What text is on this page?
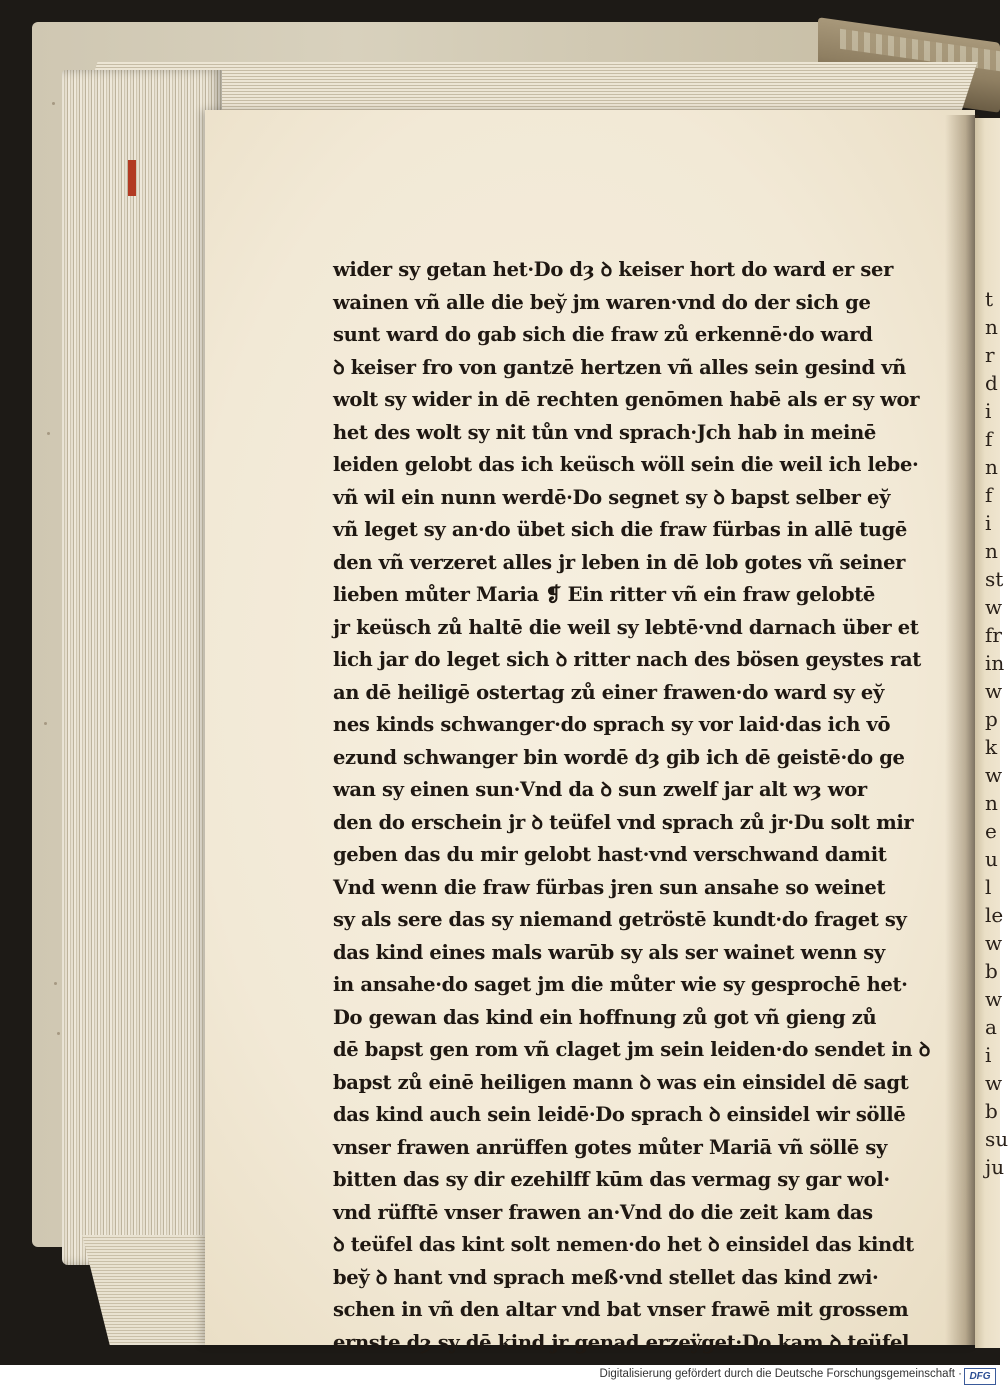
t
n
r
d
i
f
n
f
i
n
st
w
fr
in
w
p
k
w
n
e
u
l
le
w
b
w
a
i
w
b
su
ju
wider sy getan het·Do dȝ ꝺ keiser hort do ward er ser
wainen vñ alle die bey̆ jm waren·vnd do der sich ge
sunt ward do gab sich die fraw zů erkennē·do ward
ꝺ keiser fro von gantzē hertzen vñ alles sein gesind vñ
wolt sy wider in dē rechten genōmen habē als er sy wor
het des wolt sy nit tůn vnd sprach·Jch hab in meinē
leiden gelobt das ich keüsch wöll sein die weil ich lebe·
vñ wil ein nunn werdē·Do segnet sy ꝺ bapst selber ey̆
vñ leget sy an·do übet sich die fraw fürbas in allē tugē
den vñ verzeret alles jr leben in dē lob gotes vñ seiner
lieben můter Maria ❡ Ein ritter vñ ein fraw gelobtē
jr keüsch zů haltē die weil sy lebtē·vnd darnach über et
lich jar do leget sich ꝺ ritter nach des bösen geystes rat
an dē heiligē ostertag zů einer frawen·do ward sy ey̆
nes kinds schwanger·do sprach sy vor laid·das ich vō
ezund schwanger bin wordē dȝ gib ich dē geistē·do ge
wan sy einen sun·Vnd da ꝺ sun zwelf jar alt wȝ wor
den do erschein jr ꝺ teüfel vnd sprach zů jr·Du solt mir
geben das du mir gelobt hast·vnd verschwand damit
Vnd wenn die fraw fürbas jren sun ansahe so weinet
sy als sere das sy niemand getröstē kundt·do fraget sy
das kind eines mals warūb sy als ser wainet wenn sy
in ansahe·do saget jm die můter wie sy gesprochē het·
Do gewan das kind ein hoffnung zů got vñ gieng zů
dē bapst gen rom vñ claget jm sein leiden·do sendet in ꝺ
bapst zů einē heiligen mann ꝺ was ein einsidel dē sagt
das kind auch sein leidē·Do sprach ꝺ einsidel wir söllē
vnser frawen anrüffen gotes můter Mariā vñ söllē sy
bitten das sy dir ezehilff kūm das vermag sy gar wol·
vnd rüfftē vnser frawen an·Vnd do die zeit kam das
ꝺ teüfel das kint solt nemen·do het ꝺ einsidel das kindt
bey̆ ꝺ hant vnd sprach meß·vnd stellet das kind zwi·
schen in vñ den altar vnd bat vnser frawē mit grossem
ernste dȝ sy dē kind jr genad erzeÿget·Do kam ꝺ teüfel
Digitalisierung gefördert durch die Deutsche Forschungsgemeinschaft · DFG
